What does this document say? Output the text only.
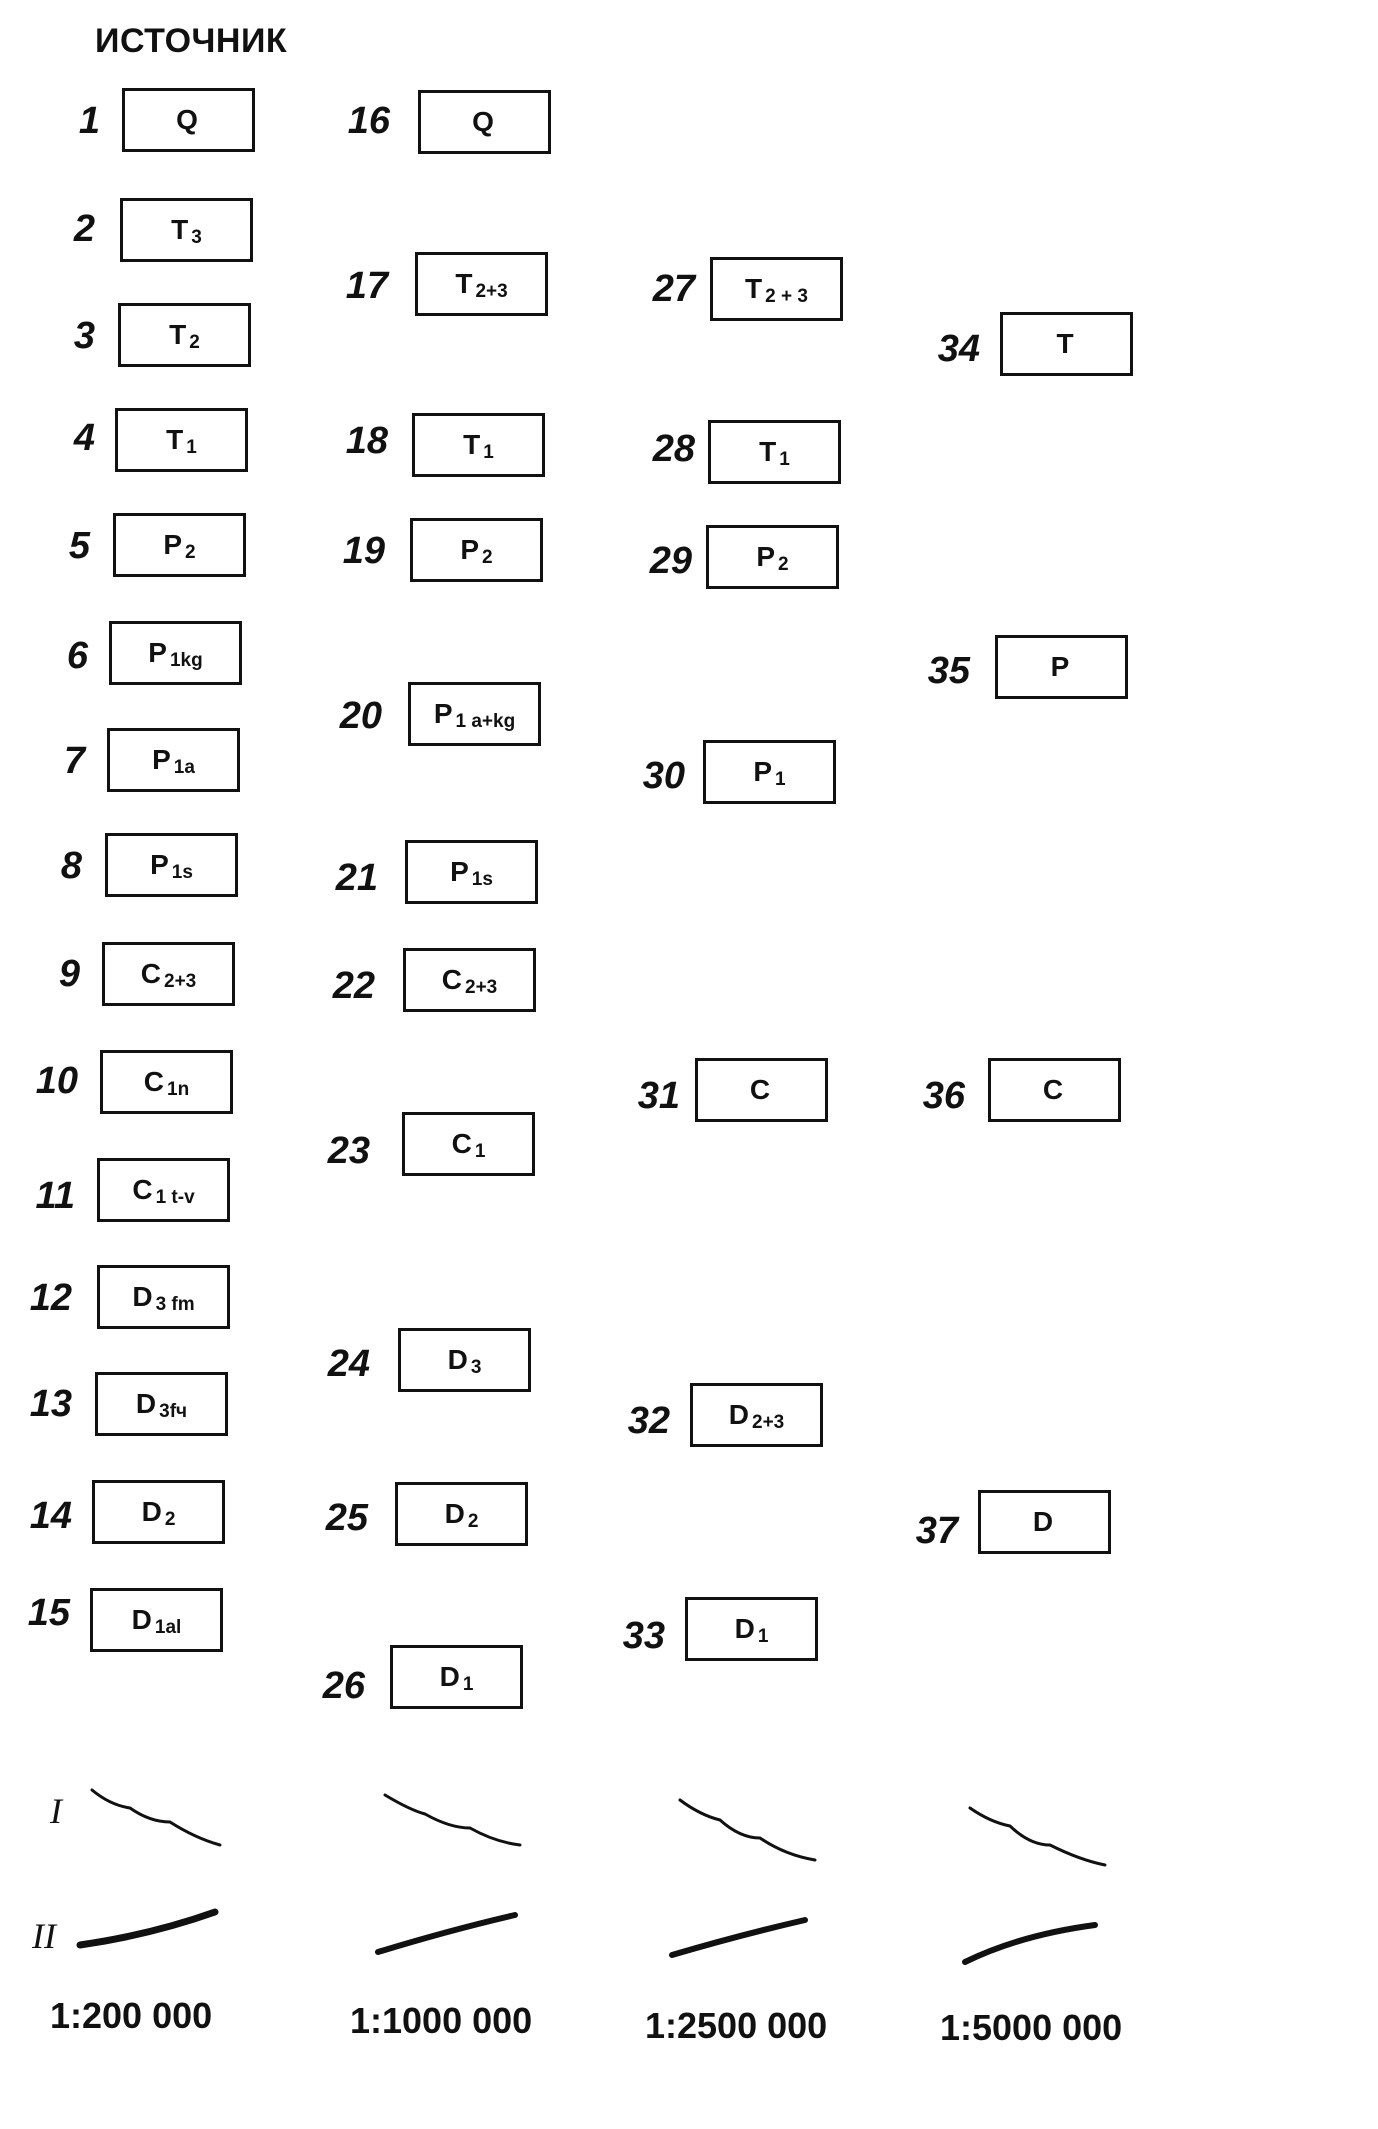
ИСТОЧНИК
1	Q
2	T 3
3	T 2
4	T 1
5	P 2
6 P 1kg
7 P 1a
8 P 1s
9 C 2+3
10 C 1n
11 C 1 t-v
12 D 3 fm
13 D 3fч
14 D 2
15 D 1al
16	Q
17 T 2+3
18	T 1
19	P 2
20 P 1 a+kg
21	P 1s
22 C 2+3
23	C 1
24	D 3
25	D 2
26	D 1
27 T 2 + 3
28 T 1
29 P 2
30 P 1
31 C
32 D 2+3
33 D 1
34	T
35	P
36	C
37	D
I
II
1:200 000	1:1000 000	1:2500 000	1:5000 000
